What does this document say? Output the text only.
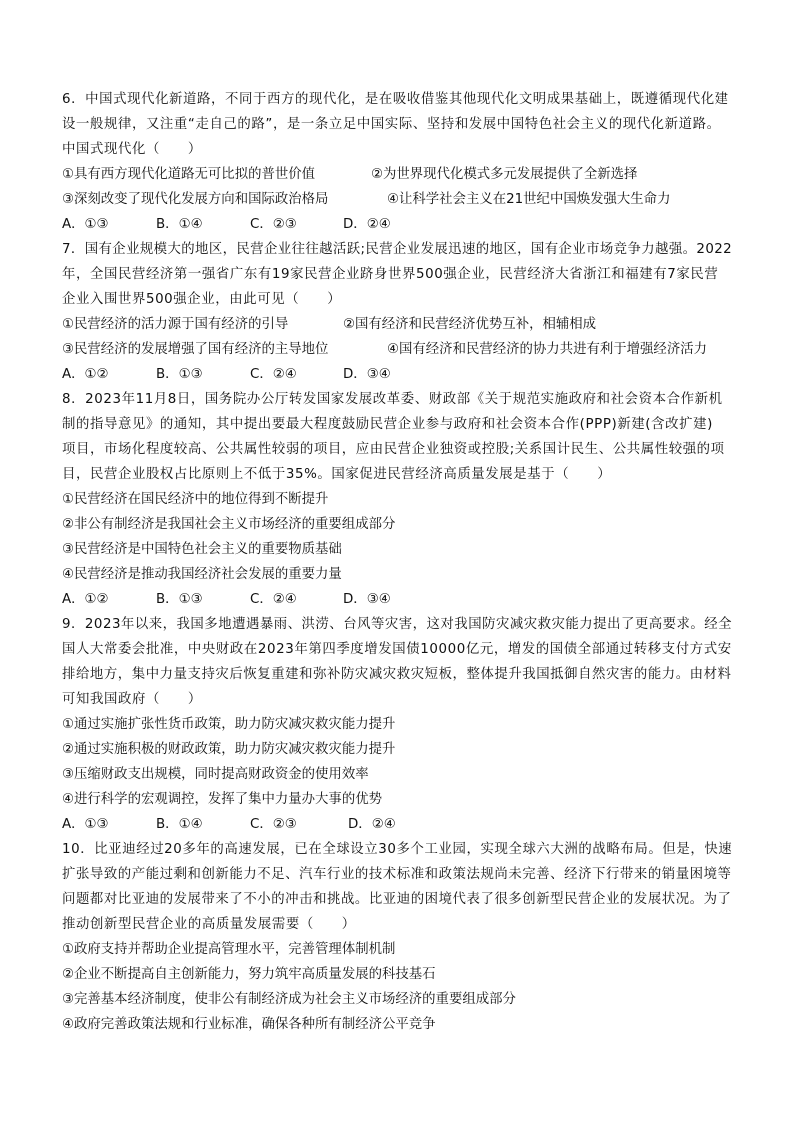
6．中国式现代化新道路，不同于西方的现代化，是在吸收借鉴其他现代化文明成果基础上，既遵循现代化建
设一般规律，又注重“走自己的路”，是一条立足中国实际、坚持和发展中国特色社会主义的现代化新道路。
中国式现代化（　　）
①具有西方现代化道路无可比拟的普世价值	②为世界现代化模式多元发展提供了全新选择
③深刻改变了现代化发展方向和国际政治格局	④让科学社会主义在21世纪中国焕发强大生命力
A．①③	B．①④	C．②③	D．②④
7．国有企业规模大的地区，民营企业往往越活跃;民营企业发展迅速的地区，国有企业市场竞争力越强。2022
年，全国民营经济第一强省广东有19家民营企业跻身世界500强企业，民营经济大省浙江和福建有7家民营
企业入围世界500强企业，由此可见（　　）
①民营经济的活力源于国有经济的引导	②国有经济和民营经济优势互补，相辅相成
③民营经济的发展增强了国有经济的主导地位	④国有经济和民营经济的协力共进有利于增强经济活力
A．①②	B．①③	C．②④	D．③④
8．2023年11月8日，国务院办公厅转发国家发展改革委、财政部《关于规范实施政府和社会资本合作新机
制的指导意见》的通知，其中提出要最大程度鼓励民营企业参与政府和社会资本合作(PPP)新建(含改扩建)
项目，市场化程度较高、公共属性较弱的项目，应由民营企业独资或控股;关系国计民生、公共属性较强的项
目，民营企业股权占比原则上不低于35%。国家促进民营经济高质量发展是基于（　　）
①民营经济在国民经济中的地位得到不断提升
②非公有制经济是我国社会主义市场经济的重要组成部分
③民营经济是中国特色社会主义的重要物质基础
④民营经济是推动我国经济社会发展的重要力量
A．①②	B．①③	C．②④	D．③④
9．2023年以来，我国多地遭遇暴雨、洪涝、台风等灾害，这对我国防灾减灾救灾能力提出了更高要求。经全
国人大常委会批准，中央财政在2023年第四季度增发国债10000亿元，增发的国债全部通过转移支付方式安
排给地方，集中力量支持灾后恢复重建和弥补防灾减灾救灾短板，整体提升我国抵御自然灾害的能力。由材料
可知我国政府（　　）
①通过实施扩张性货币政策，助力防灾减灾救灾能力提升
②通过实施积极的财政政策，助力防灾减灾救灾能力提升
③压缩财政支出规模，同时提高财政资金的使用效率
④进行科学的宏观调控，发挥了集中力量办大事的优势
A．①③	B．①④	C．②③	D．②④
10．比亚迪经过20多年的高速发展，已在全球设立30多个工业园，实现全球六大洲的战略布局。但是，快速
扩张导致的产能过剩和创新能力不足、汽车行业的技术标准和政策法规尚未完善、经济下行带来的销量困境等
问题都对比亚迪的发展带来了不小的冲击和挑战。比亚迪的困境代表了很多创新型民营企业的发展状况。为了
推动创新型民营企业的高质量发展需要（　　）
①政府支持并帮助企业提高管理水平，完善管理体制机制
②企业不断提高自主创新能力，努力筑牢高质量发展的科技基石
③完善基本经济制度，使非公有制经济成为社会主义市场经济的重要组成部分
④政府完善政策法规和行业标准，确保各种所有制经济公平竞争
